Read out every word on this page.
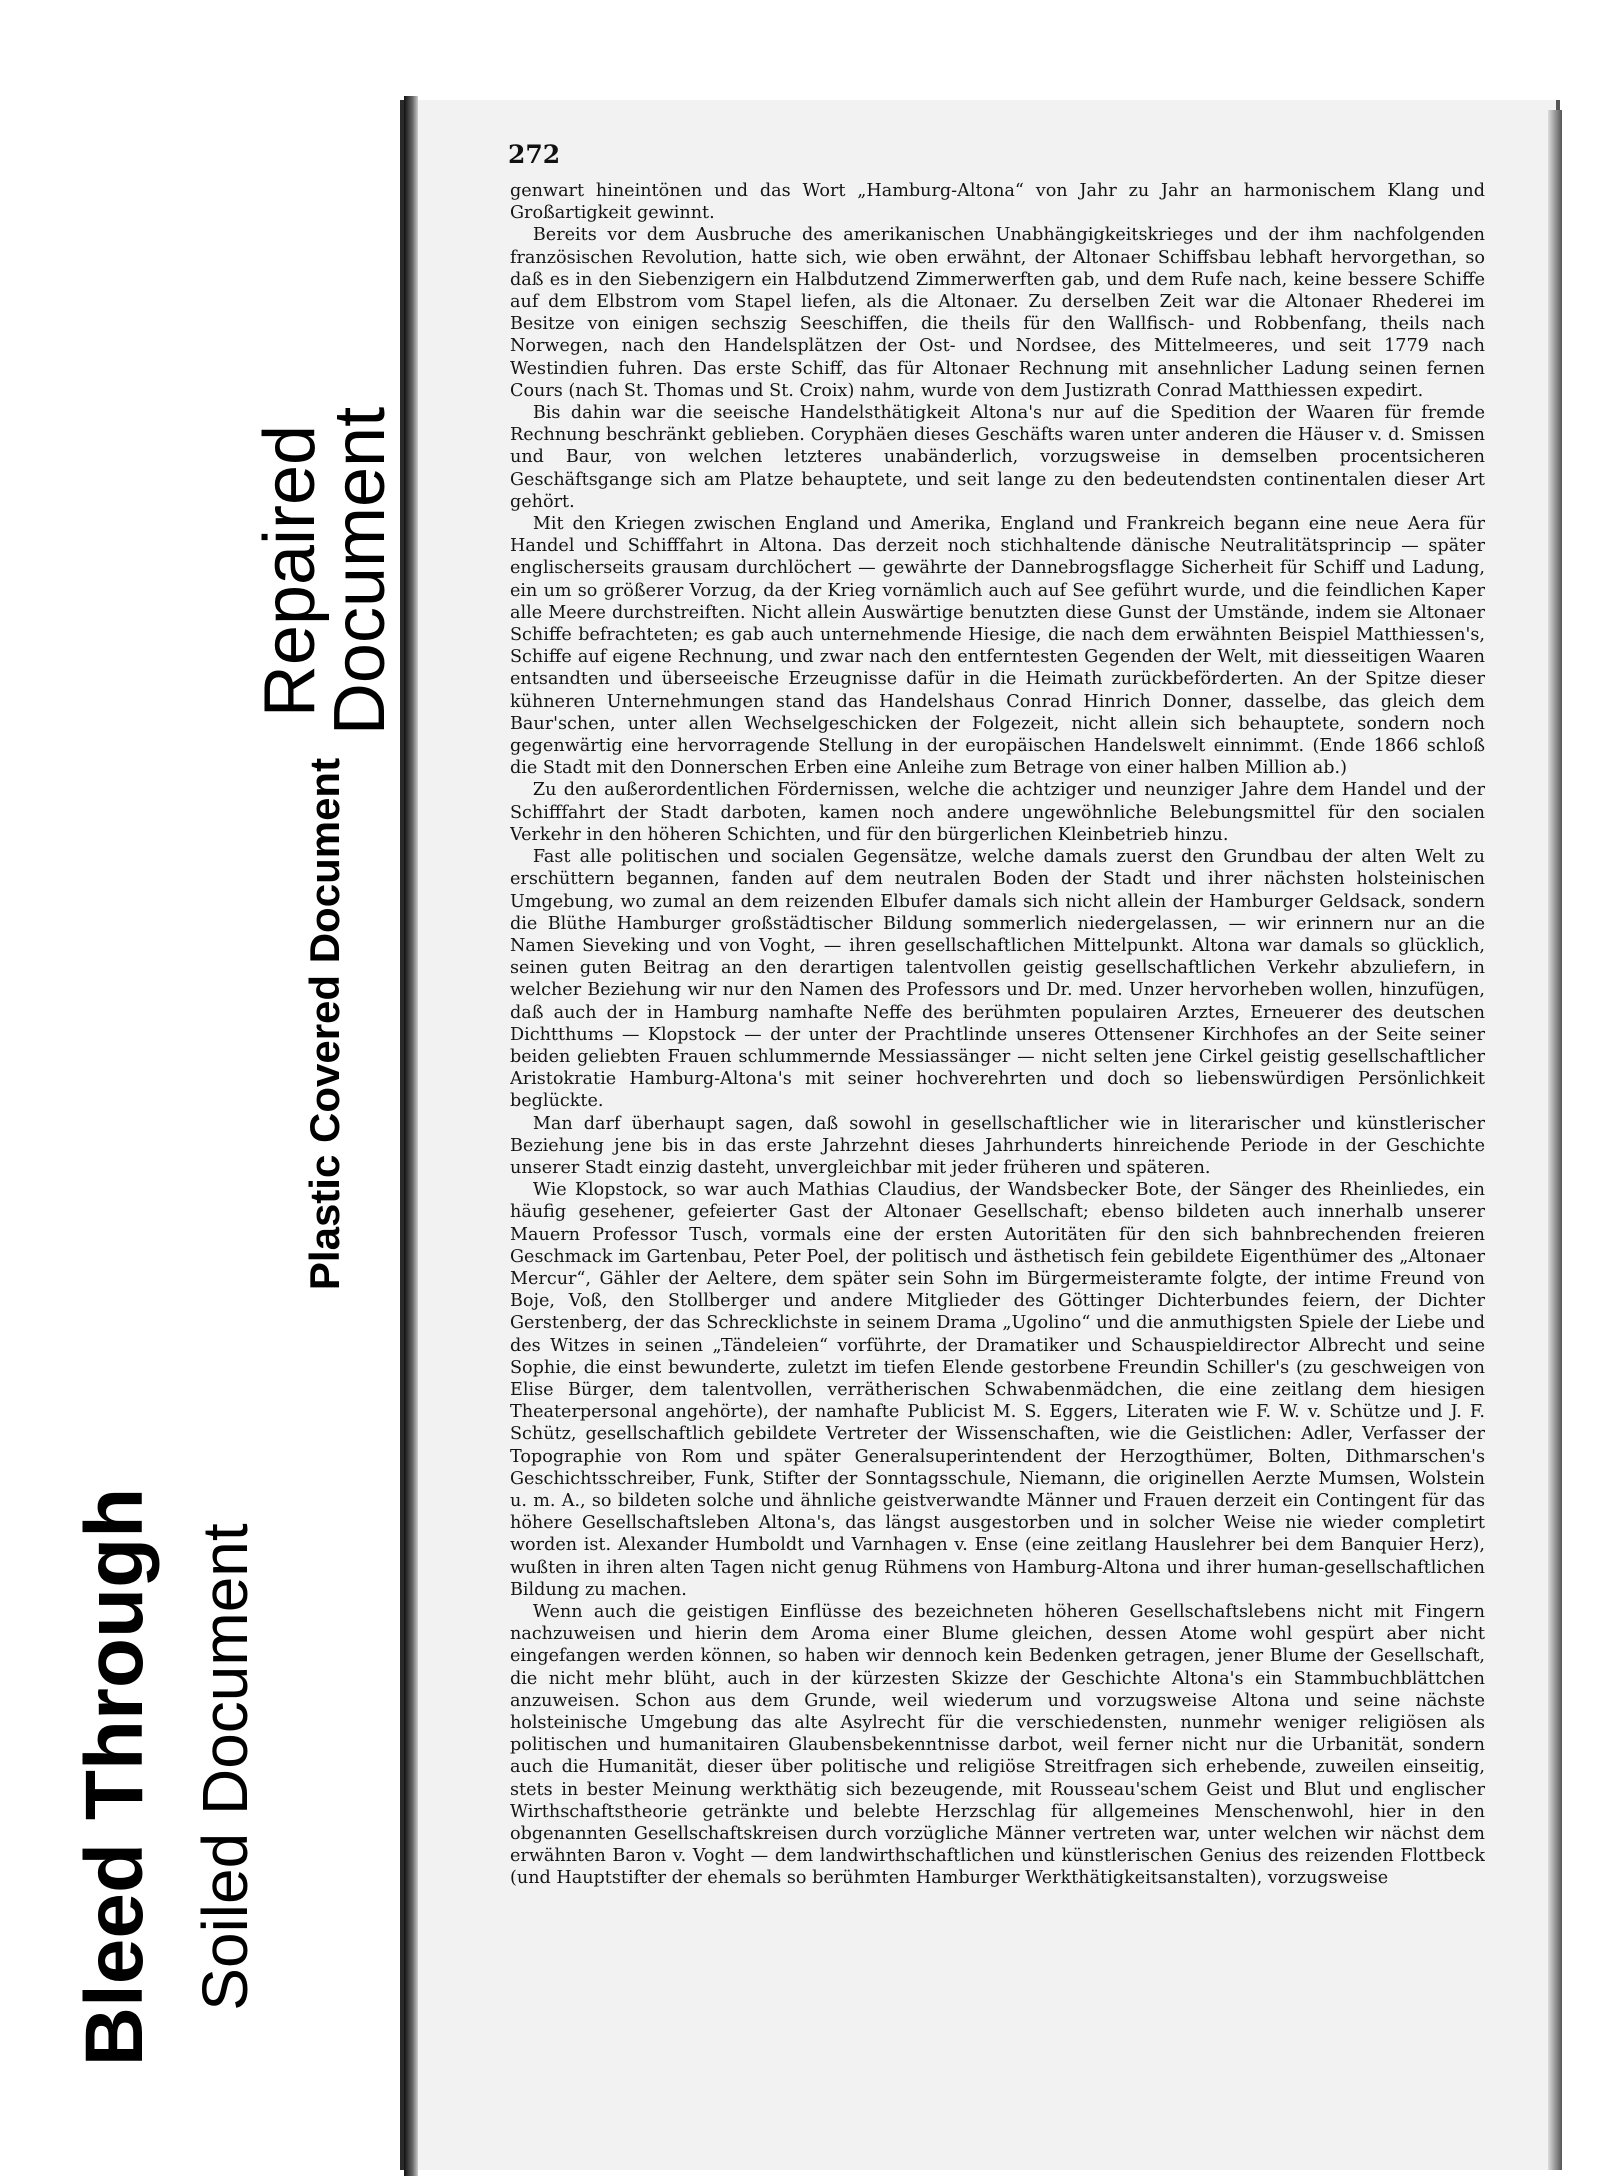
Repaired
Document
Plastic Covered Document
Bleed Through Soiled Document
272

genwart hineintönen und das Wort „Hamburg-Altona“ von Jahr zu Jahr an harmonischem Klang und Großartigkeit gewinnt.

Bereits vor dem Ausbruche des amerikanischen Unabhängigkeitskrieges und der ihm nachfolgenden französischen Revolution, hatte sich, wie oben erwähnt, der Altonaer Schiffsbau lebhaft hervorgethan, so daß es in den Siebenzigern ein Halbdutzend Zimmerwerften gab, und dem Rufe nach, keine bessere Schiffe auf dem Elbstrom vom Stapel liefen, als die Altonaer. Zu derselben Zeit war die Altonaer Rhederei im Besitze von einigen sechszig Seeschiffen, die theils für den Wallfisch- und Robbenfang, theils nach Norwegen, nach den Handelsplätzen der Ost- und Nordsee, des Mittelmeeres, und seit 1779 nach Westindien fuhren. Das erste Schiff, das für Altonaer Rechnung mit ansehnlicher Ladung seinen fernen Cours (nach St. Thomas und St. Croix) nahm, wurde von dem Justizrath Conrad Matthiessen expedirt.

Bis dahin war die seeische Handelsthätigkeit Altona's nur auf die Spedition der Waaren für fremde Rechnung beschränkt geblieben. Coryphäen dieses Geschäfts waren unter anderen die Häuser v. d. Smissen und Baur, von welchen letzteres unabänderlich, vorzugsweise in demselben procentsicheren Geschäftsgange sich am Platze behauptete, und seit lange zu den bedeutendsten continentalen dieser Art gehört.

Mit den Kriegen zwischen England und Amerika, England und Frankreich begann eine neue Aera für Handel und Schifffahrt in Altona. Das derzeit noch stichhaltende dänische Neutralitätsprincip — später englischerseits grausam durchlöchert — gewährte der Dannebrogsflagge Sicherheit für Schiff und Ladung, ein um so größerer Vorzug, da der Krieg vornämlich auch auf See geführt wurde, und die feindlichen Kaper alle Meere durchstreiften. Nicht allein Auswärtige benutzten diese Gunst der Umstände, indem sie Altonaer Schiffe befrachteten; es gab auch unternehmende Hiesige, die nach dem erwähnten Beispiel Matthiessen's, Schiffe auf eigene Rechnung, und zwar nach den entferntesten Gegenden der Welt, mit diesseitigen Waaren entsandten und überseeische Erzeugnisse dafür in die Heimath zurückbeförderten. An der Spitze dieser kühneren Unternehmungen stand das Handelshaus Conrad Hinrich Donner, dasselbe, das gleich dem Baur'schen, unter allen Wechselgeschicken der Folgezeit, nicht allein sich behauptete, sondern noch gegenwärtig eine hervorragende Stellung in der europäischen Handelswelt einnimmt. (Ende 1866 schloß die Stadt mit den Donnerschen Erben eine Anleihe zum Betrage von einer halben Million ab.)

Zu den außerordentlichen Fördernissen, welche die achtziger und neunziger Jahre dem Handel und der Schifffahrt der Stadt darboten, kamen noch andere ungewöhnliche Belebungsmittel für den socialen Verkehr in den höheren Schichten, und für den bürgerlichen Kleinbetrieb hinzu.

Fast alle politischen und socialen Gegensätze, welche damals zuerst den Grundbau der alten Welt zu erschüttern begannen, fanden auf dem neutralen Boden der Stadt und ihrer nächsten holsteinischen Umgebung, wo zumal an dem reizenden Elbufer damals sich nicht allein der Hamburger Geldsack, sondern die Blüthe Hamburger großstädtischer Bildung sommerlich niedergelassen, — wir erinnern nur an die Namen Sieveking und von Voght, — ihren gesellschaftlichen Mittelpunkt. Altona war damals so glücklich, seinen guten Beitrag an den derartigen talentvollen geistig gesellschaftlichen Verkehr abzuliefern, in welcher Beziehung wir nur den Namen des Professors und Dr. med. Unzer hervorheben wollen, hinzufügen, daß auch der in Hamburg namhafte Neffe des berühmten populairen Arztes, Erneuerer des deutschen Dichtthums — Klopstock — der unter der Prachtlinde unseres Ottensener Kirchhofes an der Seite seiner beiden geliebten Frauen schlummernde Messiassänger — nicht selten jene Cirkel geistig gesellschaftlicher Aristokratie Hamburg-Altona's mit seiner hochverehrten und doch so liebenswürdigen Persönlichkeit beglückte.

Man darf überhaupt sagen, daß sowohl in gesellschaftlicher wie in literarischer und künstlerischer Beziehung jene bis in das erste Jahrzehnt dieses Jahrhunderts hinreichende Periode in der Geschichte unserer Stadt einzig dasteht, unvergleichbar mit jeder früheren und späteren.

Wie Klopstock, so war auch Mathias Claudius, der Wandsbecker Bote, der Sänger des Rheinliedes, ein häufig gesehener, gefeierter Gast der Altonaer Gesellschaft; ebenso bildeten auch innerhalb unserer Mauern Professor Tusch, vormals eine der ersten Autoritäten für den sich bahnbrechenden freieren Geschmack im Gartenbau, Peter Poel, der politisch und ästhetisch fein gebildete Eigenthümer des „Altonaer Mercur“, Gähler der Aeltere, dem später sein Sohn im Bürgermeisteramte folgte, der intime Freund von Boje, Voß, den Stollberger und andere Mitglieder des Göttinger Dichterbundes feiern, der Dichter Gerstenberg, der das Schrecklichste in seinem Drama „Ugolino“ und die anmuthigsten Spiele der Liebe und des Witzes in seinen „Tändeleien“ vorführte, der Dramatiker und Schauspieldirector Albrecht und seine Sophie, die einst bewunderte, zuletzt im tiefen Elende gestorbene Freundin Schiller's (zu geschweigen von Elise Bürger, dem talentvollen, verrätherischen Schwabenmädchen, die eine zeitlang dem hiesigen Theaterpersonal angehörte), der namhafte Publicist M. S. Eggers, Literaten wie F. W. v. Schütze und J. F. Schütz, gesellschaftlich gebildete Vertreter der Wissenschaften, wie die Geistlichen: Adler, Verfasser der Topographie von Rom und später Generalsuperintendent der Herzogthümer, Bolten, Dithmarschen's Geschichtsschreiber, Funk, Stifter der Sonntagsschule, Niemann, die originellen Aerzte Mumsen, Wolstein u. m. A., so bildeten solche und ähnliche geistverwandte Männer und Frauen derzeit ein Contingent für das höhere Gesellschaftsleben Altona's, das längst ausgestorben und in solcher Weise nie wieder completirt worden ist. Alexander Humboldt und Varnhagen v. Ense (eine zeitlang Hauslehrer bei dem Banquier Herz), wußten in ihren alten Tagen nicht genug Rühmens von Hamburg-Altona und ihrer human-gesellschaftlichen Bildung zu machen.

Wenn auch die geistigen Einflüsse des bezeichneten höheren Gesellschaftslebens nicht mit Fingern nachzuweisen und hierin dem Aroma einer Blume gleichen, dessen Atome wohl gespürt aber nicht eingefangen werden können, so haben wir dennoch kein Bedenken getragen, jener Blume der Gesellschaft, die nicht mehr blüht, auch in der kürzesten Skizze der Geschichte Altona's ein Stammbuchblättchen anzuweisen. Schon aus dem Grunde, weil wiederum und vorzugsweise Altona und seine nächste holsteinische Umgebung das alte Asylrecht für die verschiedensten, nunmehr weniger religiösen als politischen und humanitairen Glaubensbekenntnisse darbot, weil ferner nicht nur die Urbanität, sondern auch die Humanität, dieser über politische und religiöse Streitfragen sich erhebende, zuweilen einseitig, stets in bester Meinung werkthätig sich bezeugende, mit Rousseau'schem Geist und Blut und englischer Wirthschaftstheorie getränkte und belebte Herzschlag für allgemeines Menschenwohl, hier in den obgenannten Gesellschaftskreisen durch vorzügliche Männer vertreten war, unter welchen wir nächst dem erwähnten Baron v. Voght — dem landwirthschaftlichen und künstlerischen Genius des reizenden Flottbeck (und Hauptstifter der ehemals so berühmten Hamburger Werkthätigkeitsanstalten), vorzugsweise
